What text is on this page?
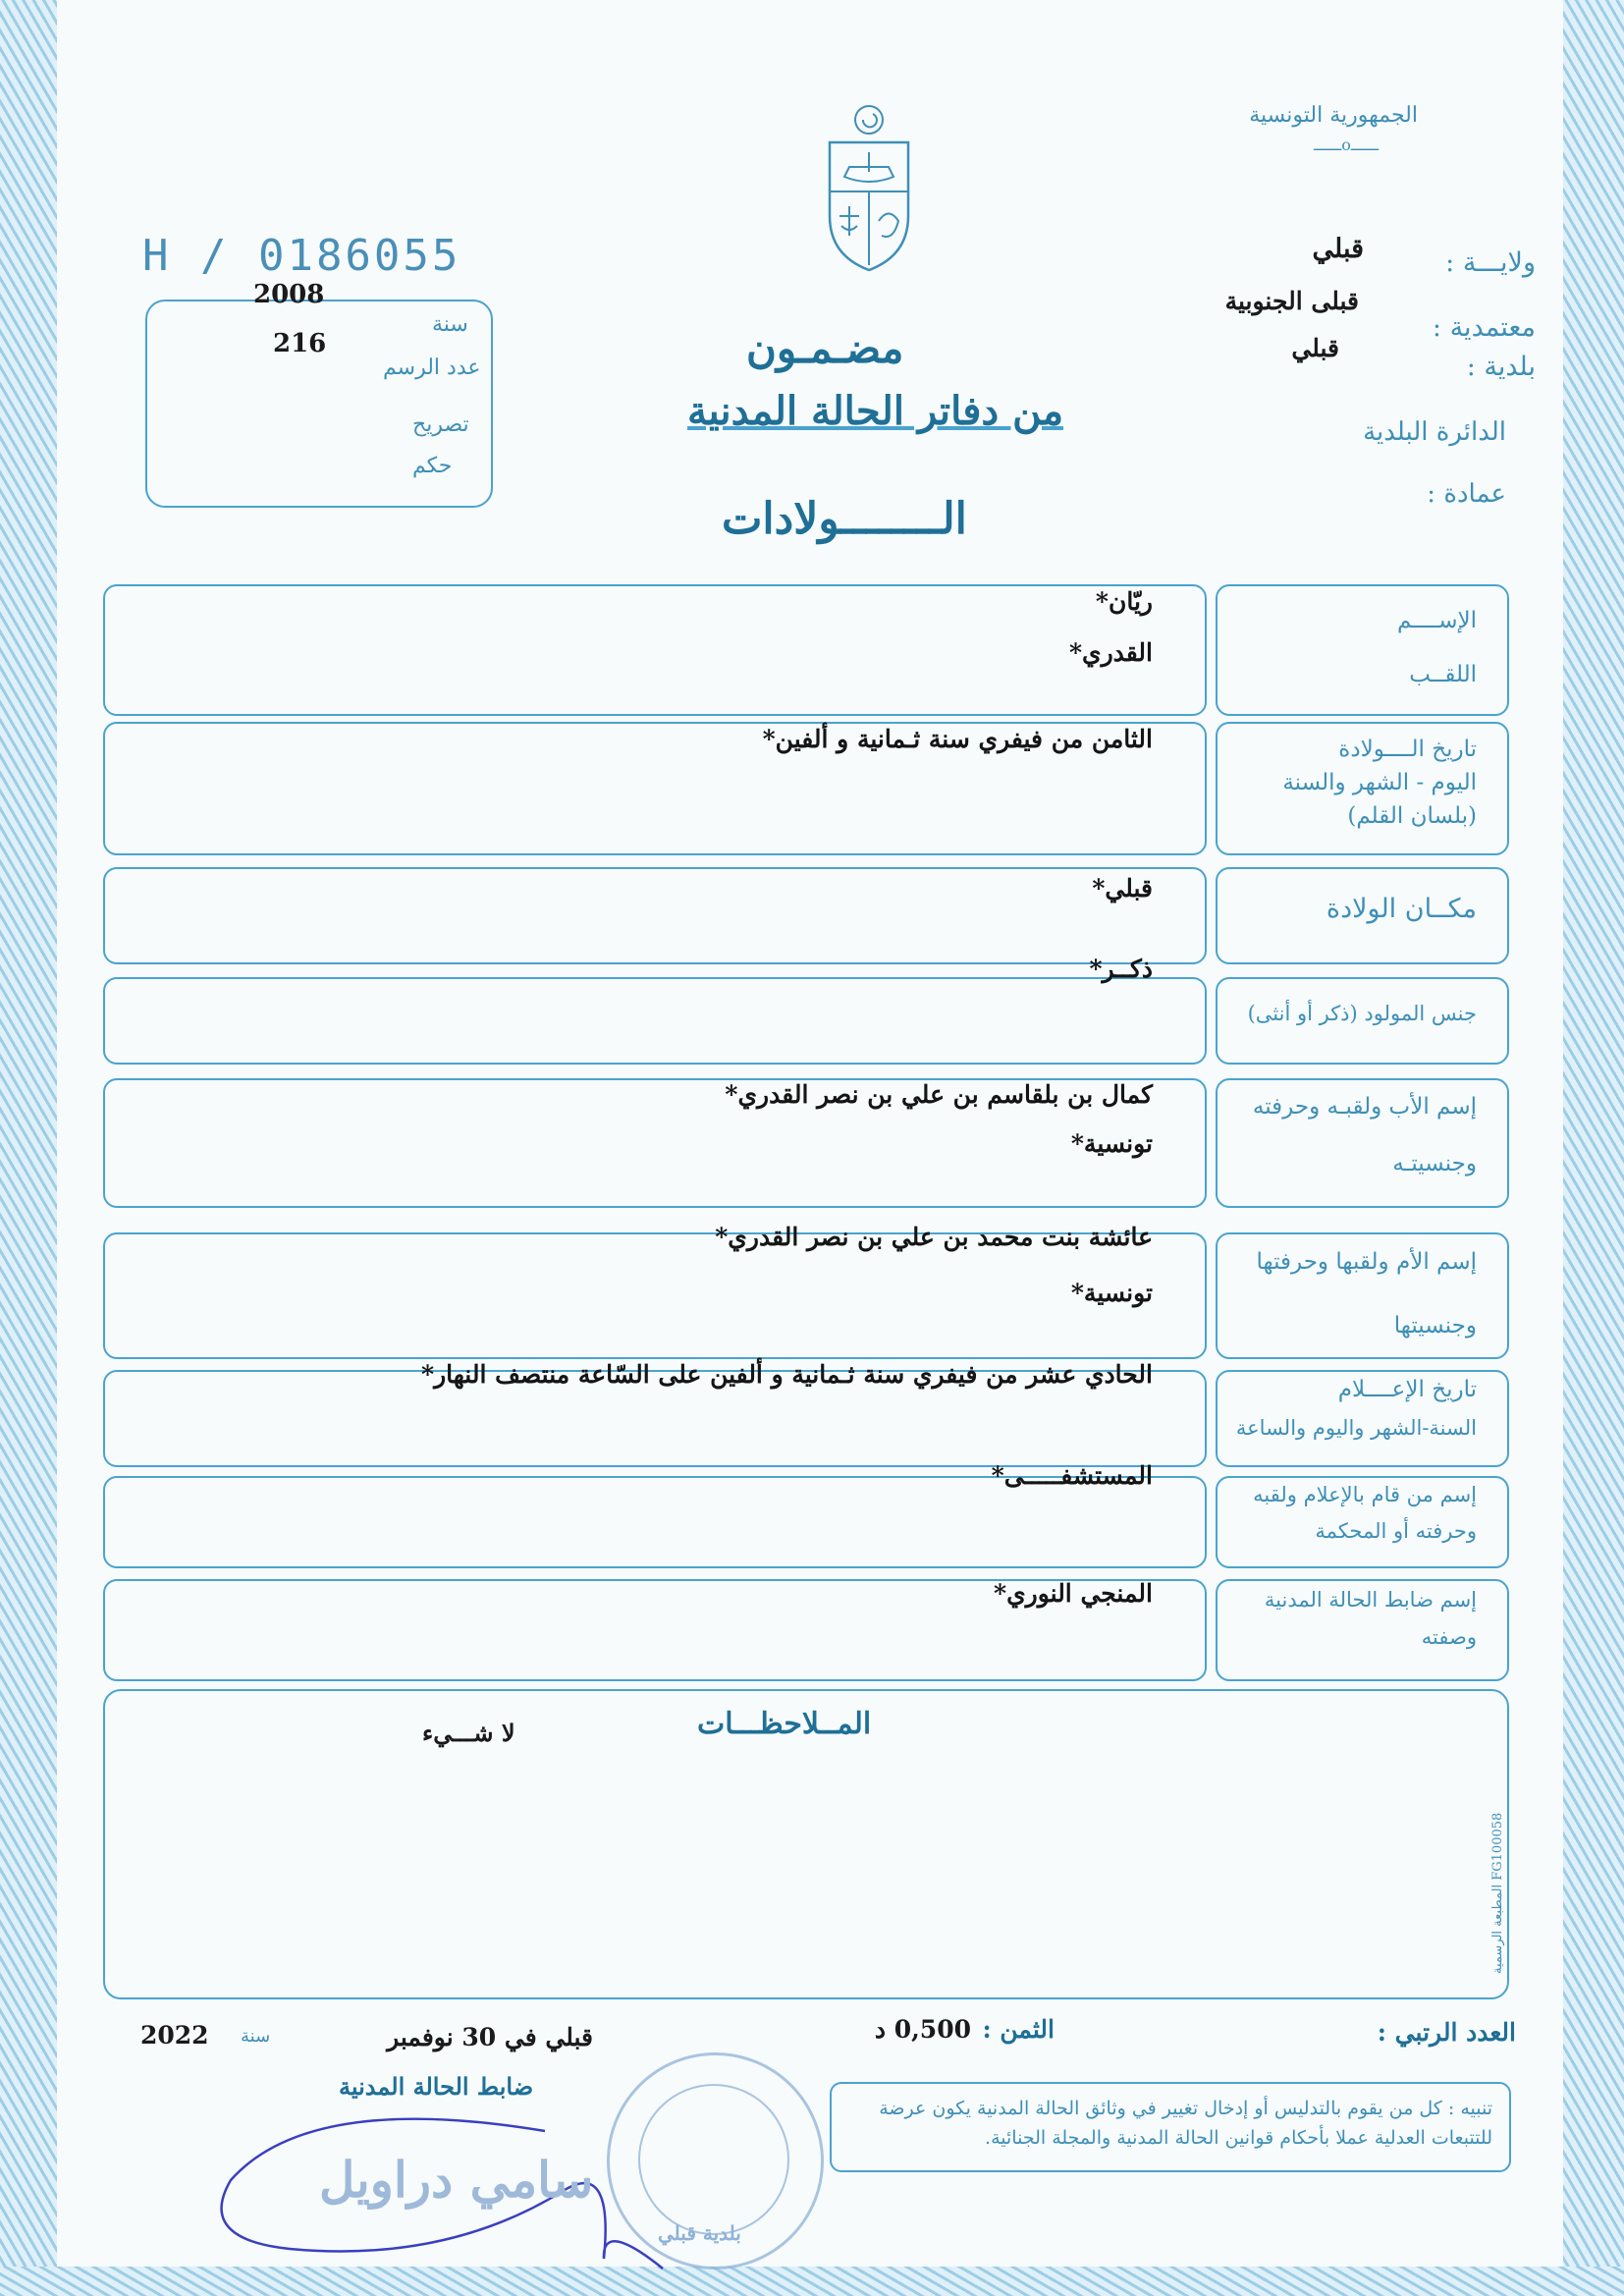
الجمهورية التونسية
ــــــoــــــ
ولايـــة :
قبلي
معتمدية :
قبلى الجنوبية
بلدية :
قبلي
الدائرة البلدية
عمادة :
H / 0186055
2008
سنة
216
عدد الرسم
تصريح
حكم
مضـمـون
من دفاتر الحالة المدنية
الــــــــولادات
الإســــم
اللقــب
ريّان*
القدري*
تاريخ الــــولادة
اليوم - الشهر والسنة
(بلسان القلم)
الثامن من فيفري سنة ثـمانية و ألفين*
مكــان الولادة
قبلي*
جنس المولود (ذكر أو أنثى)
ذكــر*
إسم الأب ولقبـه وحرفته
وجنسيتـه
كمال بن بلقاسم بن علي بن نصر القدري*
تونسية*
إسم الأم ولقبها وحرفتها
وجنسيتها
عائشة بنت محمد بن علي بن نصر القدري*
تونسية*
تاريخ الإعــــلام
السنة-الشهر واليوم والساعة
الحادي عشر من فيفري سنة ثـمانية و ألفين على السّاعة منتصف النهار*
إسم من قام بالإعلام ولقبه
وحرفته أو المحكمة
المستشفـــــى*
إسم ضابط الحالة المدنية
وصفته
المنجي النوري*
المــلاحظـــات
لا شـــيء
المطبعة الرسمية FG100058
العدد الرتبي :
الثمن :
0,500 د
قبلي في 30 نوفمبر
سنة
2022
ضابط الحالة المدنية
سامي دراويل
بلدية قبلي
تنبيه : كل من يقوم بالتدليس أو إدخال تغيير في وثائق الحالة المدنية يكون عرضة للتتبعات العدلية عملا بأحكام قوانين الحالة المدنية والمجلة الجنائية.
